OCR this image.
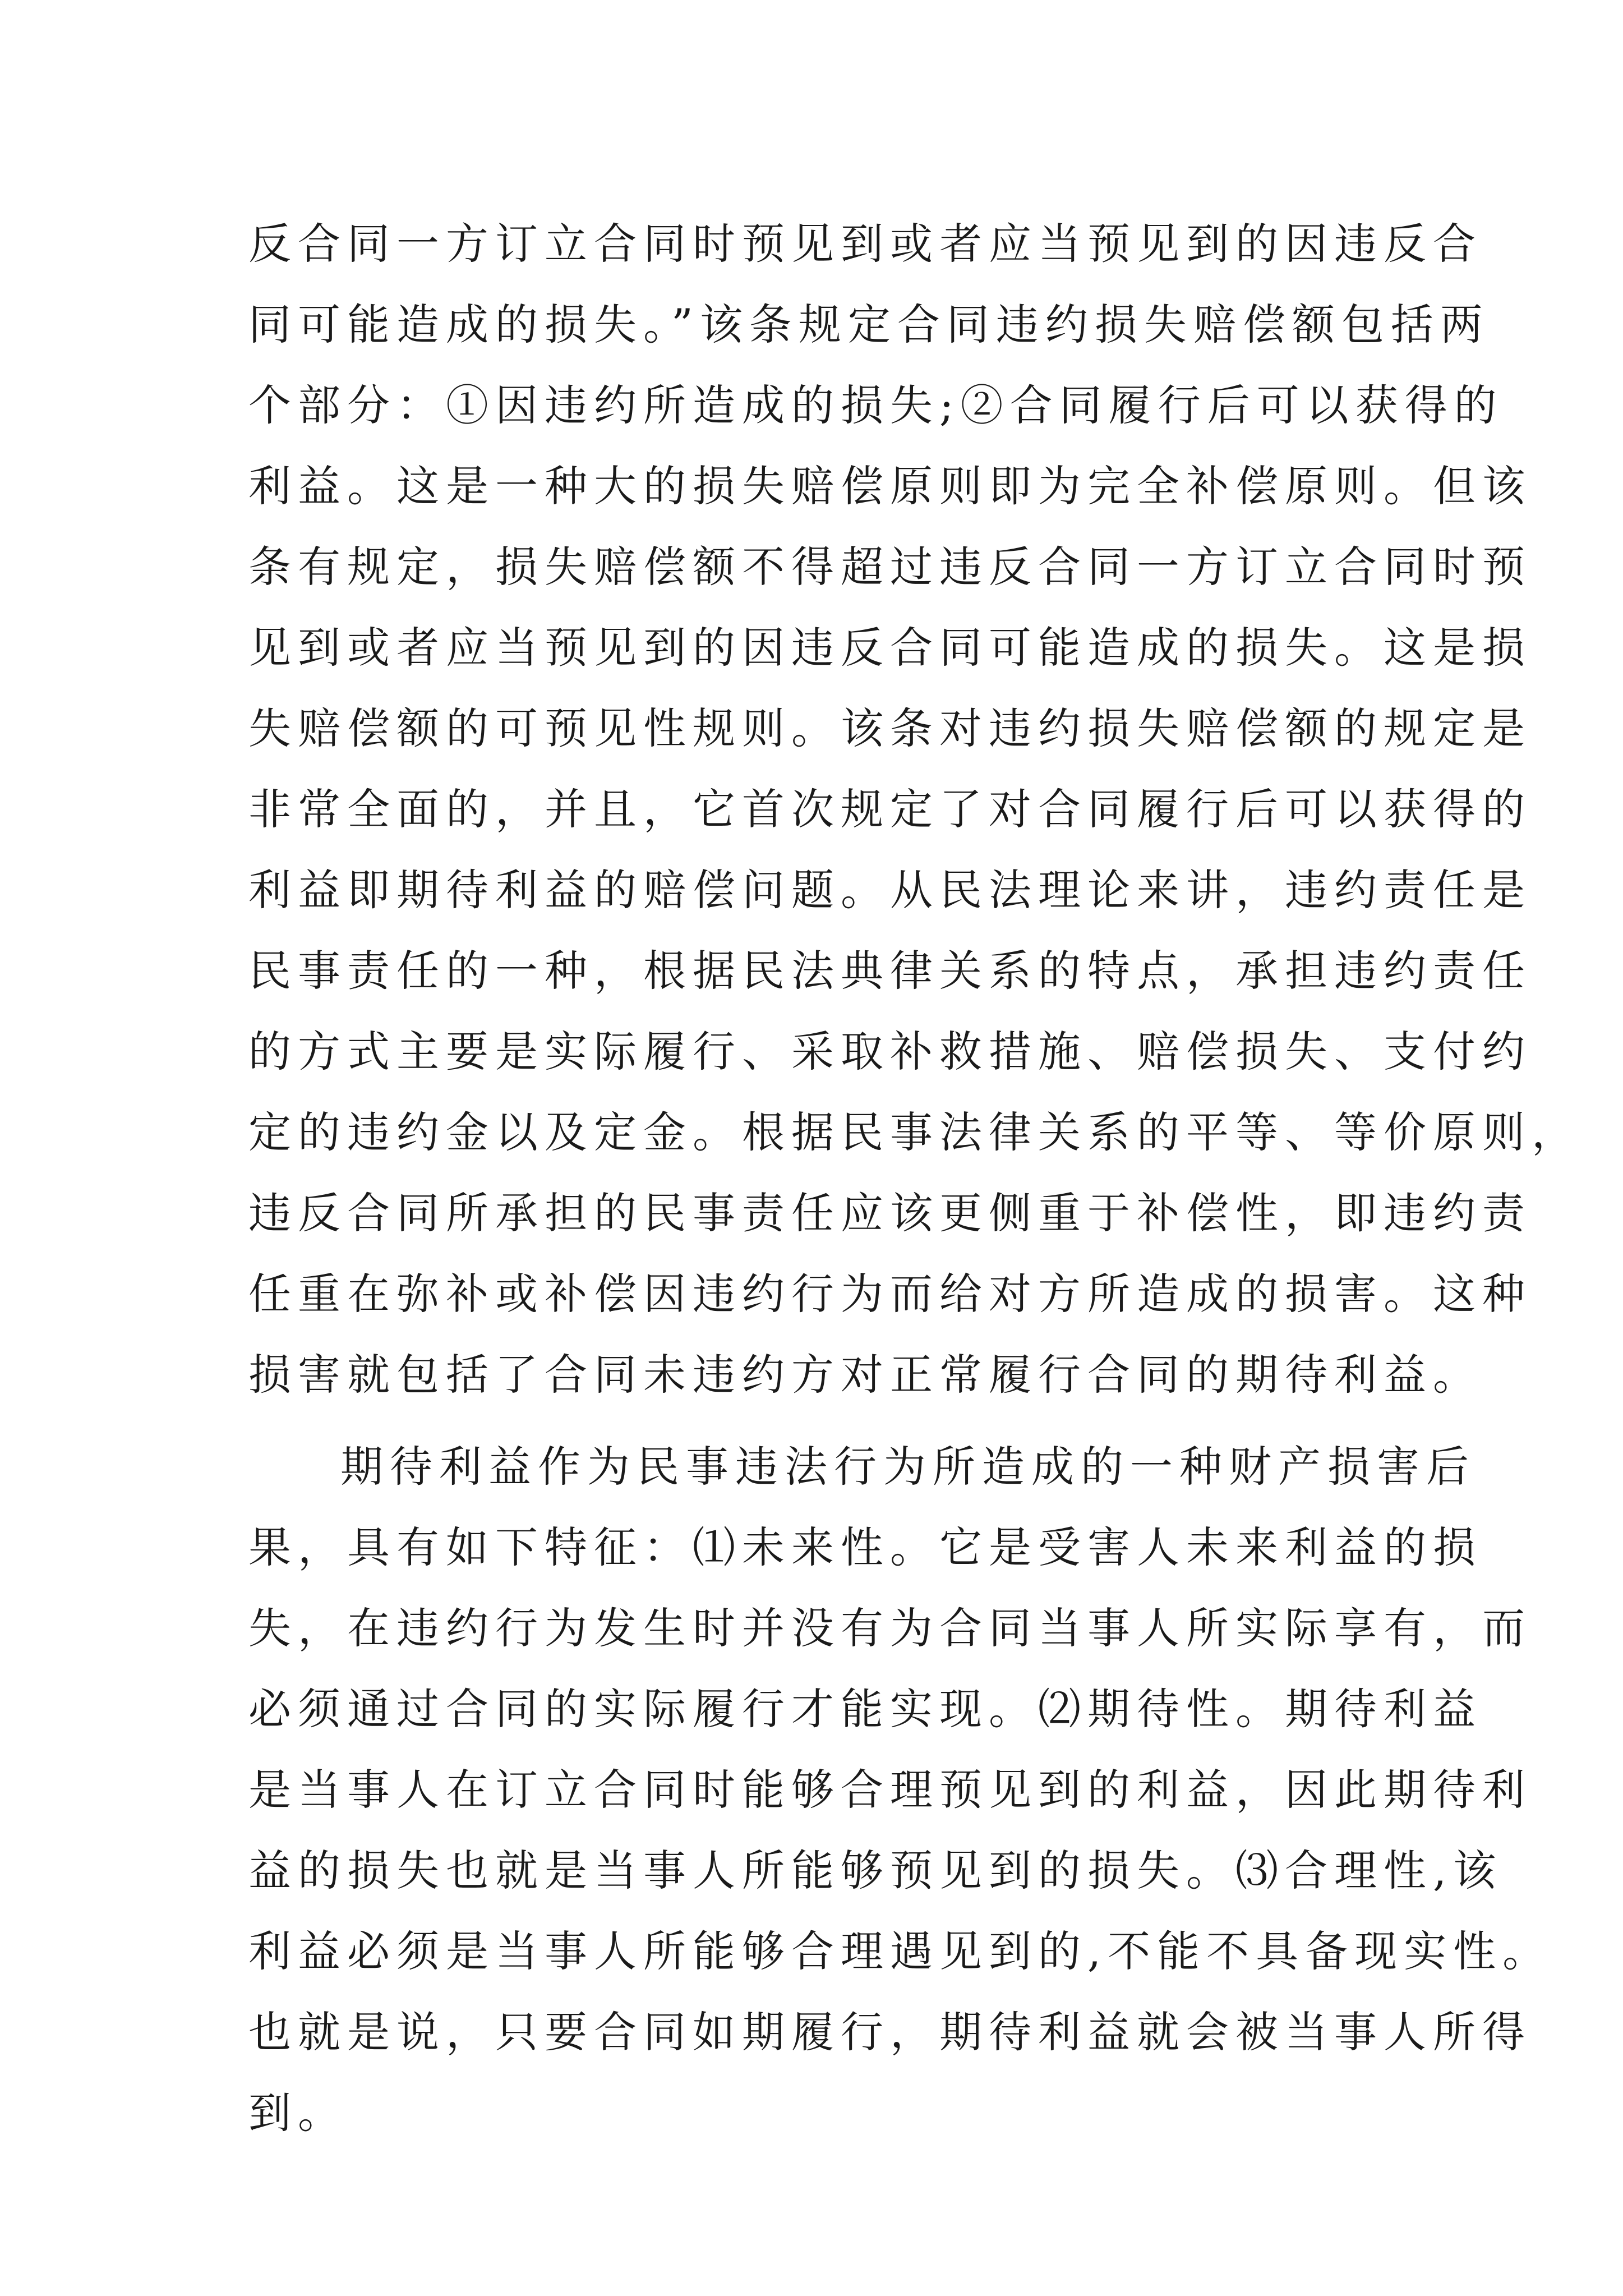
反合同一方订立合同时预见到或者应当预见到的因违反合
同可能造成的损失。”该条规定合同违约损失赔偿额包括两
个部分：①因违约所造成的损失;②合同履行后可以获得的
利益。这是一种大的损失赔偿原则即为完全补偿原则。但该
条有规定，损失赔偿额不得超过违反合同一方订立合同时预
见到或者应当预见到的因违反合同可能造成的损失。这是损
失赔偿额的可预见性规则。该条对违约损失赔偿额的规定是
非常全面的，并且，它首次规定了对合同履行后可以获得的
利益即期待利益的赔偿问题。从民法理论来讲，违约责任是
民事责任的一种，根据民法典律关系的特点，承担违约责任
的方式主要是实际履行、采取补救措施、赔偿损失、支付约
定的违约金以及定金。根据民事法律关系的平等、等价原则，
违反合同所承担的民事责任应该更侧重于补偿性，即违约责
任重在弥补或补偿因违约行为而给对方所造成的损害。这种
损害就包括了合同未违约方对正常履行合同的期待利益。
期待利益作为民事违法行为所造成的一种财产损害后
果，具有如下特征：⑴未来性。它是受害人未来利益的损
失，在违约行为发生时并没有为合同当事人所实际享有，而
必须通过合同的实际履行才能实现。⑵期待性。期待利益
是当事人在订立合同时能够合理预见到的利益，因此期待利
益的损失也就是当事人所能够预见到的损失。⑶合理性,该
利益必须是当事人所能够合理遇见到的,不能不具备现实性。
也就是说，只要合同如期履行，期待利益就会被当事人所得
到。
